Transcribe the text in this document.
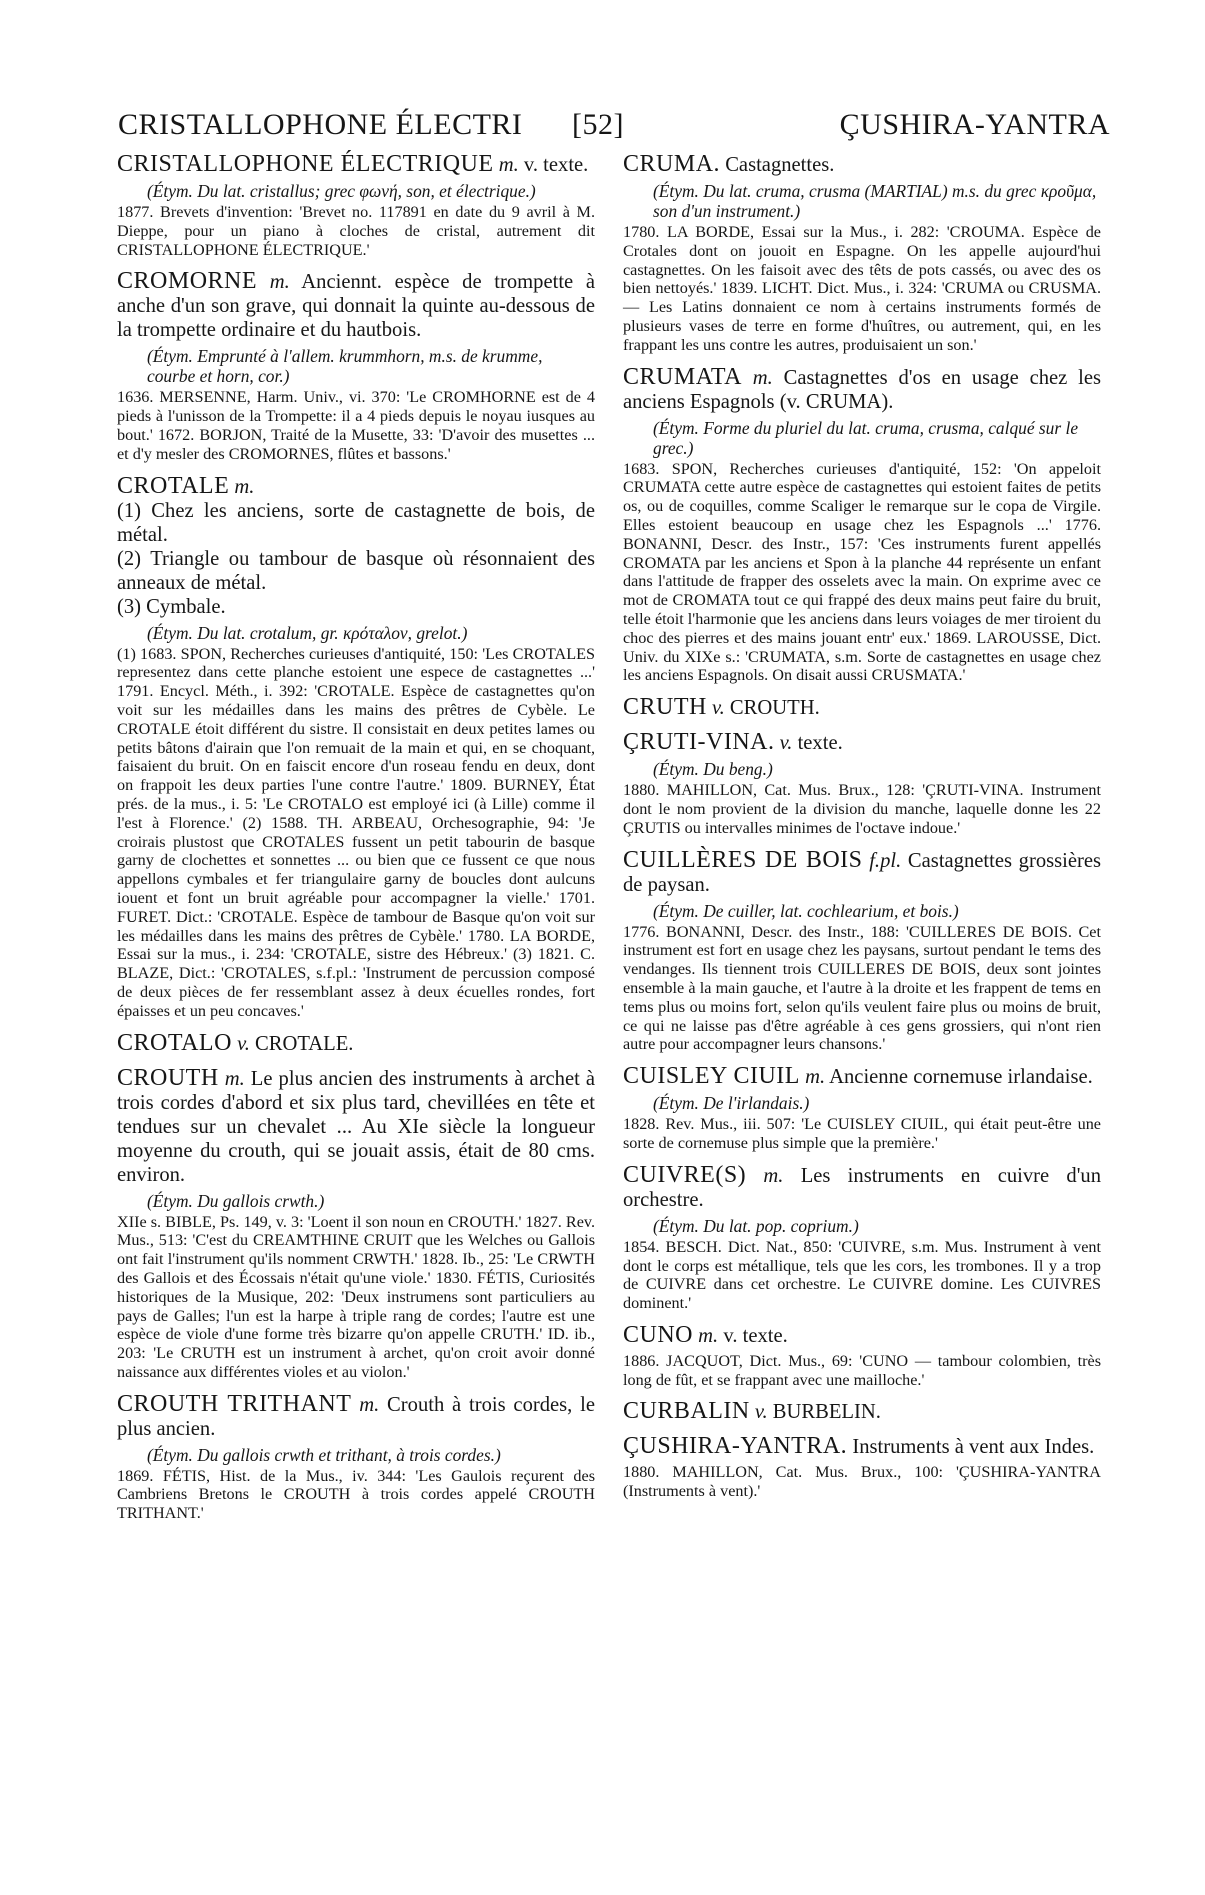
CRISTALLOPHONE ÉLECTRI [52]	ÇUSHIRA-YANTRA

CRISTALLOPHONE ÉLECTRIQUE m. v. texte.

(Étym. Du lat. cristallus; grec φωνή, son, et électrique.)

1877. Brevets d'invention: 'Brevet no. 117891 en date du 9 avril à M. Dieppe, pour un piano à cloches de cristal, autrement dit CRISTALLOPHONE ÉLECTRIQUE.'

CROMORNE m. Anciennt. espèce de trompette à anche d'un son grave, qui donnait la quinte au-dessous de la trompette ordinaire et du hautbois.

(Étym. Emprunté à l'allem. krummhorn, m.s. de krumme, courbe et horn, cor.)

1636. MERSENNE, Harm. Univ., vi. 370: 'Le CROMHORNE est de 4 pieds à l'unisson de la Trompette: il a 4 pieds depuis le noyau iusques au bout.' 1672. BORJON, Traité de la Musette, 33: 'D'avoir des musettes ... et d'y mesler des CROMORNES, flûtes et bassons.'

CROTALE m.

(1) Chez les anciens, sorte de castagnette de bois, de métal.

(2) Triangle ou tambour de basque où résonnaient des anneaux de métal.

(3) Cymbale.

(Étym. Du lat. crotalum, gr. κρόταλον, grelot.)

(1) 1683. SPON, Recherches curieuses d'antiquité, 150: 'Les CROTALES representez dans cette planche estoient une espece de castagnettes ...' 1791. Encycl. Méth., i. 392: 'CROTALE. Espèce de castagnettes qu'on voit sur les médailles dans les mains des prêtres de Cybèle. Le CROTALE étoit différent du sistre. Il consistait en deux petites lames ou petits bâtons d'airain que l'on remuait de la main et qui, en se choquant, faisaient du bruit. On en faiscit encore d'un roseau fendu en deux, dont on frappoit les deux parties l'une contre l'autre.' 1809. BURNEY, État prés. de la mus., i. 5: 'Le CROTALO est employé ici (à Lille) comme il l'est à Florence.' (2) 1588. TH. ARBEAU, Orchesographie, 94: 'Je croirais plustost que CROTALES fussent un petit tabourin de basque garny de clochettes et sonnettes ... ou bien que ce fussent ce que nous appellons cymbales et fer triangulaire garny de boucles dont aulcuns iouent et font un bruit agréable pour accompagner la vielle.' 1701. FURET. Dict.: 'CROTALE. Espèce de tambour de Basque qu'on voit sur les médailles dans les mains des prêtres de Cybèle.' 1780. LA BORDE, Essai sur la mus., i. 234: 'CROTALE, sistre des Hébreux.' (3) 1821. C. BLAZE, Dict.: 'CROTALES, s.f.pl.: 'Instrument de percussion composé de deux pièces de fer ressemblant assez à deux écuelles rondes, fort épaisses et un peu concaves.'

CROTALO v. CROTALE.

CROUTH m. Le plus ancien des instruments à archet à trois cordes d'abord et six plus tard, chevillées en tête et tendues sur un chevalet ... Au XIe siècle la longueur moyenne du crouth, qui se jouait assis, était de 80 cms. environ.

(Étym. Du gallois crwth.)

XIIe s. BIBLE, Ps. 149, v. 3: 'Loent il son noun en CROUTH.' 1827. Rev. Mus., 513: 'C'est du CREAMTHINE CRUIT que les Welches ou Gallois ont fait l'instrument qu'ils nomment CRWTH.' 1828. Ib., 25: 'Le CRWTH des Gallois et des Écossais n'était qu'une viole.' 1830. FÉTIS, Curiosités historiques de la Musique, 202: 'Deux instrumens sont particuliers au pays de Galles; l'un est la harpe à triple rang de cordes; l'autre est une espèce de viole d'une forme très bizarre qu'on appelle CRUTH.' ID. ib., 203: 'Le CRUTH est un instrument à archet, qu'on croit avoir donné naissance aux différentes violes et au violon.'

CROUTH TRITHANT m. Crouth à trois cordes, le plus ancien.

(Étym. Du gallois crwth et trithant, à trois cordes.)

1869. FÉTIS, Hist. de la Mus., iv. 344: 'Les Gaulois reçurent des Cambriens Bretons le CROUTH à trois cordes appelé CROUTH TRITHANT.'

CRUMA. Castagnettes.

(Étym. Du lat. cruma, crusma (MARTIAL) m.s. du grec κροῦμα, son d'un instrument.)

1780. LA BORDE, Essai sur la Mus., i. 282: 'CROUMA. Espèce de Crotales dont on jouoit en Espagne. On les appelle aujourd'hui castagnettes. On les faisoit avec des têts de pots cassés, ou avec des os bien nettoyés.' 1839. LICHT. Dict. Mus., i. 324: 'CRUMA ou CRUSMA. — Les Latins donnaient ce nom à certains instruments formés de plusieurs vases de terre en forme d'huîtres, ou autrement, qui, en les frappant les uns contre les autres, produisaient un son.'

CRUMATA m. Castagnettes d'os en usage chez les anciens Espagnols (v. CRUMA).

(Étym. Forme du pluriel du lat. cruma, crusma, calqué sur le grec.)

1683. SPON, Recherches curieuses d'antiquité, 152: 'On appeloit CRUMATA cette autre espèce de castagnettes qui estoient faites de petits os, ou de coquilles, comme Scaliger le remarque sur le copa de Virgile. Elles estoient beaucoup en usage chez les Espagnols ...' 1776. BONANNI, Descr. des Instr., 157: 'Ces instruments furent appellés CROMATA par les anciens et Spon à la planche 44 représente un enfant dans l'attitude de frapper des osselets avec la main. On exprime avec ce mot de CROMATA tout ce qui frappé des deux mains peut faire du bruit, telle étoit l'harmonie que les anciens dans leurs voiages de mer tiroient du choc des pierres et des mains jouant entr' eux.' 1869. LAROUSSE, Dict. Univ. du XIXe s.: 'CRUMATA, s.m. Sorte de castagnettes en usage chez les anciens Espagnols. On disait aussi CRUSMATA.'

CRUTH v. CROUTH.

ÇRUTI-VINA. v. texte.

(Étym. Du beng.)

1880. MAHILLON, Cat. Mus. Brux., 128: 'ÇRUTI-VINA. Instrument dont le nom provient de la division du manche, laquelle donne les 22 ÇRUTIS ou intervalles minimes de l'octave indoue.'

CUILLÈRES DE BOIS f.pl. Castagnettes grossières de paysan.

(Étym. De cuiller, lat. cochlearium, et bois.)

1776. BONANNI, Descr. des Instr., 188: 'CUILLERES DE BOIS. Cet instrument est fort en usage chez les paysans, surtout pendant le tems des vendanges. Ils tiennent trois CUILLERES DE BOIS, deux sont jointes ensemble à la main gauche, et l'autre à la droite et les frappent de tems en tems plus ou moins fort, selon qu'ils veulent faire plus ou moins de bruit, ce qui ne laisse pas d'être agréable à ces gens grossiers, qui n'ont rien autre pour accompagner leurs chansons.'

CUISLEY CIUIL m. Ancienne cornemuse irlandaise.

(Étym. De l'irlandais.)

1828. Rev. Mus., iii. 507: 'Le CUISLEY CIUIL, qui était peut-être une sorte de cornemuse plus simple que la première.'

CUIVRE(S) m. Les instruments en cuivre d'un orchestre.

(Étym. Du lat. pop. coprium.)

1854. BESCH. Dict. Nat., 850: 'CUIVRE, s.m. Mus. Instrument à vent dont le corps est métallique, tels que les cors, les trombones. Il y a trop de CUIVRE dans cet orchestre. Le CUIVRE domine. Les CUIVRES dominent.'

CUNO m. v. texte.

1886. JACQUOT, Dict. Mus., 69: 'CUNO — tambour colombien, très long de fût, et se frappant avec une mailloche.'

CURBALIN v. BURBELIN.

ÇUSHIRA-YANTRA. Instruments à vent aux Indes.

1880. MAHILLON, Cat. Mus. Brux., 100: 'ÇUSHIRA-YANTRA (Instruments à vent).'
